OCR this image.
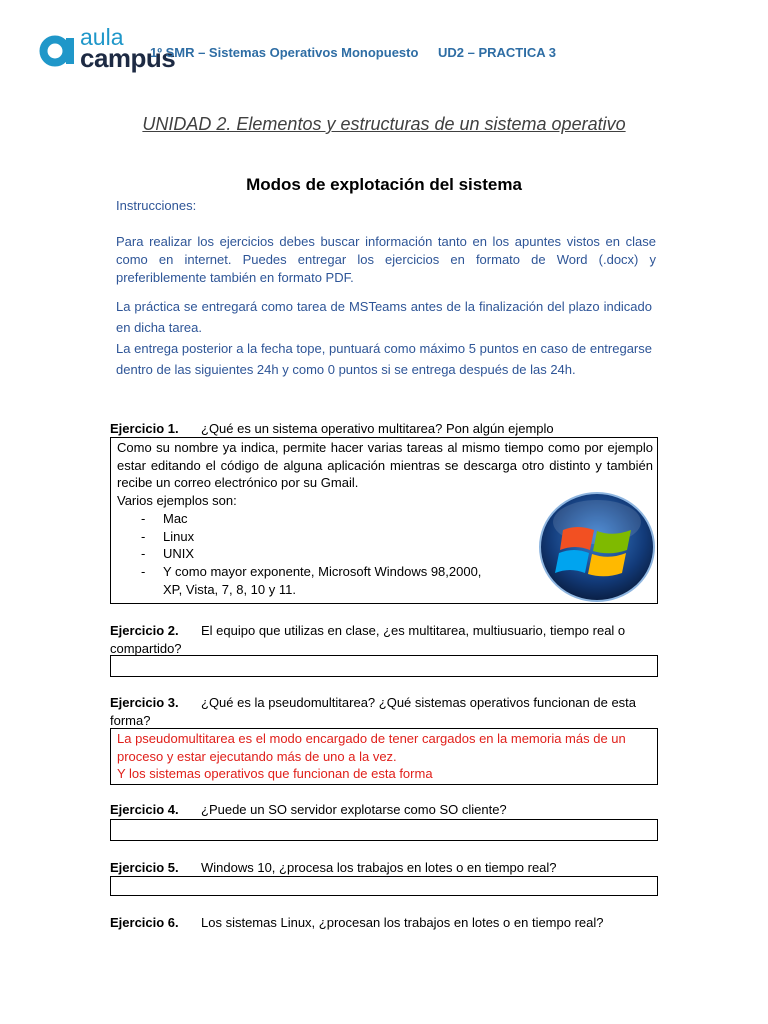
aula
campus
1º SMR – Sistemas Operativos Monopuesto UD2 – PRACTICA 3
UNIDAD 2. Elementos y estructuras de un sistema operativo
Modos de explotación del sistema
Instrucciones:
Para realizar los ejercicios debes buscar información tanto en los apuntes vistos en clase como en internet. Puedes entregar los ejercicios en formato de Word (.docx) y preferiblemente también en formato PDF.
La práctica se entregará como tarea de MSTeams antes de la finalización del plazo indicado en dicha tarea.
La entrega posterior a la fecha tope, puntuará como máximo 5 puntos en caso de entregarse dentro de las siguientes 24h y como 0 puntos si se entrega después de las 24h.
Ejercicio 1. ¿Qué es un sistema operativo multitarea? Pon algún ejemplo
Como su nombre ya indica, permite hacer varias tareas al mismo tiempo como por ejemplo estar editando el código de alguna aplicación mientras se descarga otro distinto y también recibe un correo electrónico por su Gmail.
Varios ejemplos son:
- Mac
- Linux
- UNIX
- Y como mayor exponente, Microsoft Windows 98,2000, XP, Vista, 7, 8, 10 y 11.
Ejercicio 2. El equipo que utilizas en clase, ¿es multitarea, multiusuario, tiempo real o compartido?
Ejercicio 3. ¿Qué es la pseudomultitarea? ¿Qué sistemas operativos funcionan de esta forma?
La pseudomultitarea es el modo encargado de tener cargados en la memoria más de un proceso y estar ejecutando más de uno a la vez.
Y los sistemas operativos que funcionan de esta forma
Ejercicio 4. ¿Puede un SO servidor explotarse como SO cliente?
Ejercicio 5. Windows 10, ¿procesa los trabajos en lotes o en tiempo real?
Ejercicio 6. Los sistemas Linux, ¿procesan los trabajos en lotes o en tiempo real?
